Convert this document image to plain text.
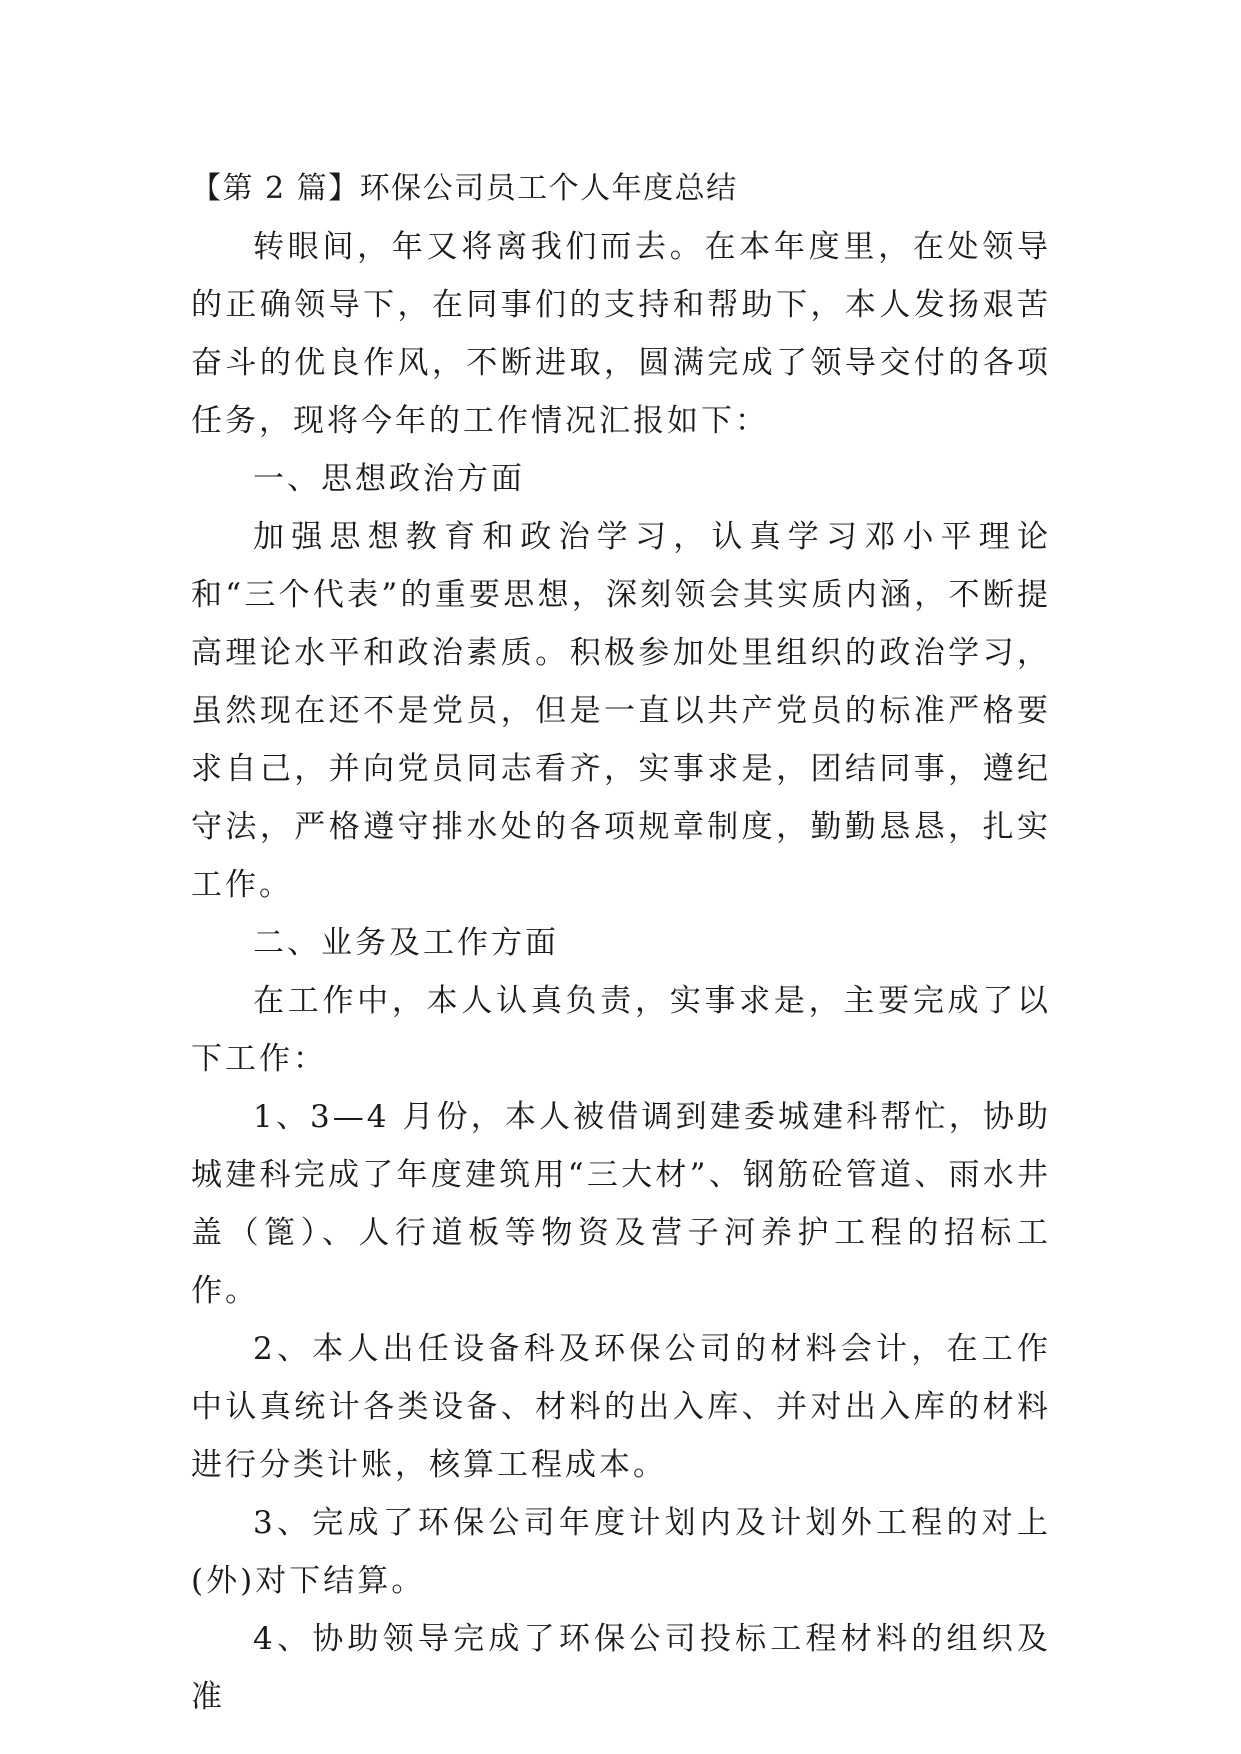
【第 2 篇】环保公司员工个人年度总结

转眼间，年又将离我们而去。在本年度里，在处领导的正确领导下，在同事们的支持和帮助下，本人发扬艰苦奋斗的优良作风，不断进取，圆满完成了领导交付的各项任务，现将今年的工作情况汇报如下：

一、思想政治方面

加强思想教育和政治学习，认真学习邓小平理论和“三个代表”的重要思想，深刻领会其实质内涵，不断提高理论水平和政治素质。积极参加处里组织的政治学习，虽然现在还不是党员，但是一直以共产党员的标准严格要求自己，并向党员同志看齐，实事求是，团结同事，遵纪守法，严格遵守排水处的各项规章制度，勤勤恳恳，扎实工作。

二、业务及工作方面

在工作中，本人认真负责，实事求是，主要完成了以下工作：

1、3—4 月份，本人被借调到建委城建科帮忙，协助城建科完成了年度建筑用“三大材”、钢筋砼管道、雨水井盖（篦）、人行道板等物资及营子河养护工程的招标工作。

2、本人出任设备科及环保公司的材料会计，在工作中认真统计各类设备、材料的出入库、并对出入库的材料进行分类计账，核算工程成本。

3、完成了环保公司年度计划内及计划外工程的对上(外)对下结算。

4、协助领导完成了环保公司投标工程材料的组织及准
